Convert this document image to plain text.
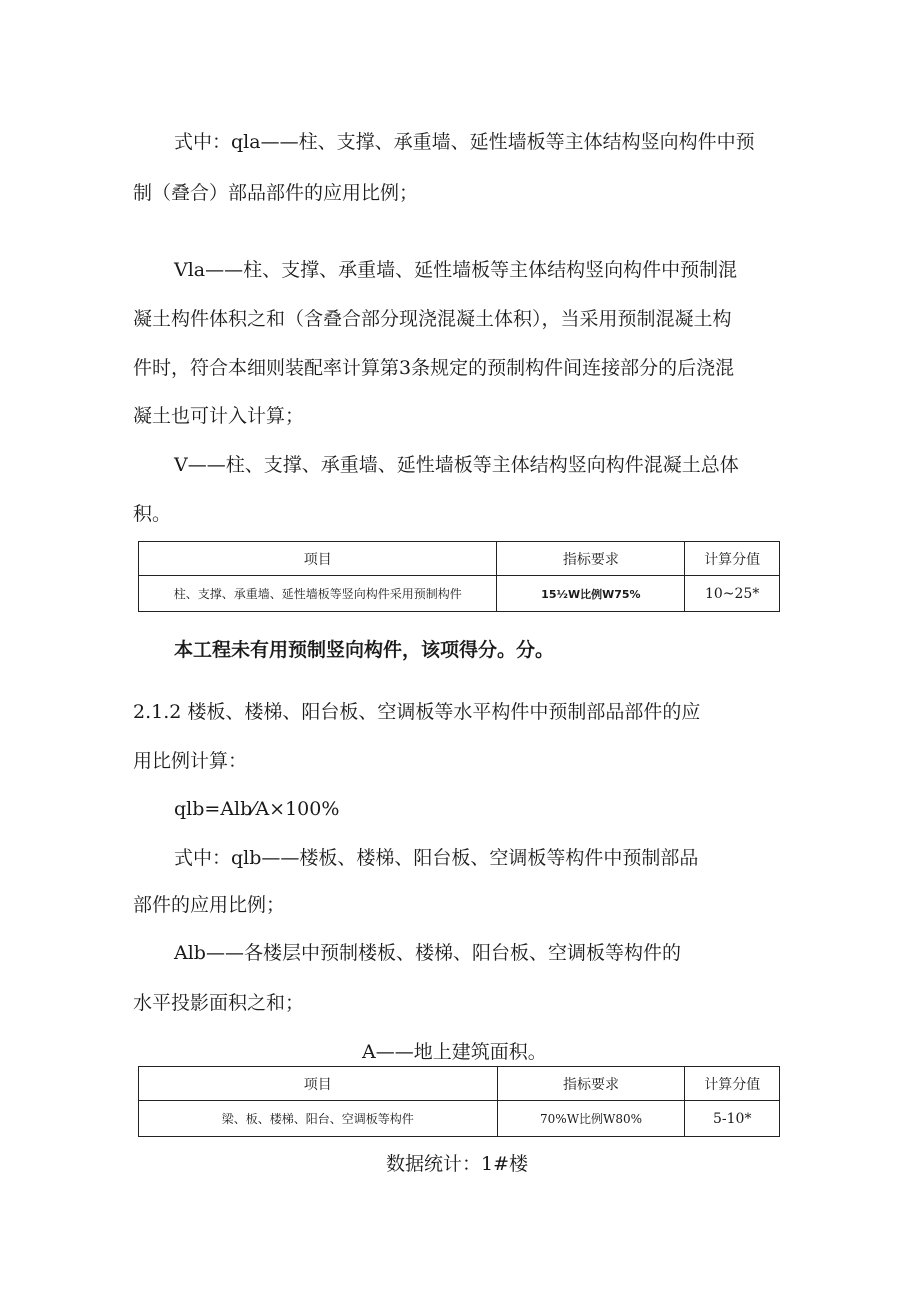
式中：qla——柱、支撑、承重墙、延性墙板等主体结构竖向构件中预
制（叠合）部品部件的应用比例；
Vla——柱、支撑、承重墙、延性墙板等主体结构竖向构件中预制混
凝土构件体积之和（含叠合部分现浇混凝土体积），当采用预制混凝土构
件时，符合本细则装配率计算第3条规定的预制构件间连接部分的后浇混
凝土也可计入计算；
V——柱、支撑、承重墙、延性墙板等主体结构竖向构件混凝土总体
积。
项目	指标要求	计算分值
柱、支撑、承重墙、延性墙板等竖向构件采用预制构件	15¹⁄₂W比例W75%	10~25*
本工程未有用预制竖向构件，该项得分。分。
2.1.2 楼板、楼梯、阳台板、空调板等水平构件中预制部品部件的应
用比例计算：
qlb=Alb⁄A×100%
式中：qlb——楼板、楼梯、阳台板、空调板等构件中预制部品
部件的应用比例；
Alb——各楼层中预制楼板、楼梯、阳台板、空调板等构件的
水平投影面积之和；
A——地上建筑面积。
项目	指标要求	计算分值
梁、板、楼梯、阳台、空调板等构件	70%W比例W80%	5-10*
数据统计：1#楼
